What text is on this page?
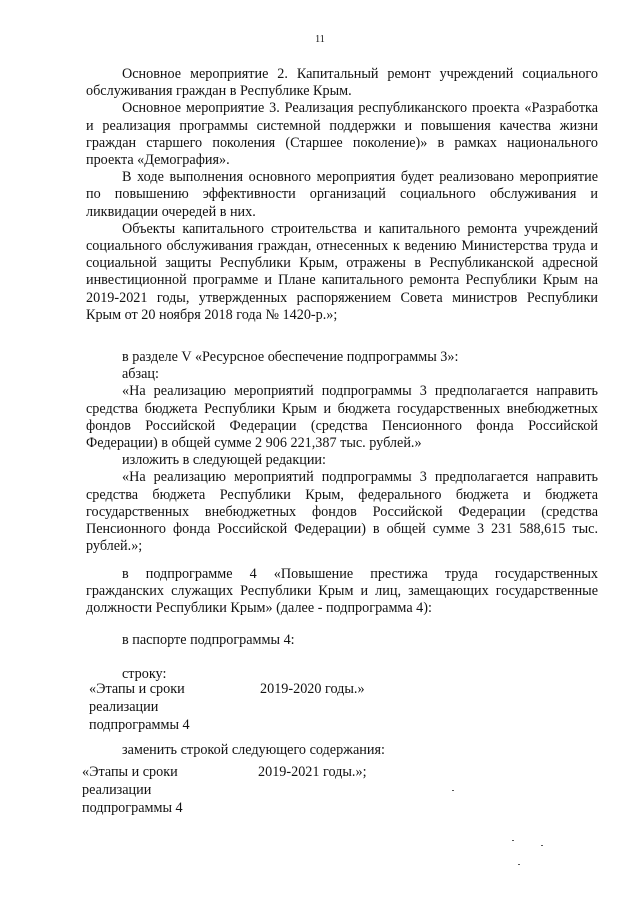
11

Основное мероприятие 2. Капитальный ремонт учреждений социального обслуживания граждан в Республике Крым.

Основное мероприятие 3. Реализация республиканского проекта «Разработка и реализация программы системной поддержки и повышения качества жизни граждан старшего поколения (Старшее поколение)» в рамках национального проекта «Демография».

В ходе выполнения основного мероприятия будет реализовано мероприятие по повышению эффективности организаций социального обслуживания и ликвидации очередей в них.

Объекты капитального строительства и капитального ремонта учреждений социального обслуживания граждан, отнесенных к ведению Министерства труда и социальной защиты Республики Крым, отражены в Республиканской адресной инвестиционной программе и Плане капитального ремонта Республики Крым на 2019-2021 годы, утвержденных распоряжением Совета министров Республики Крым от 20 ноября 2018 года № 1420-р.»;

в разделе V «Ресурсное обеспечение подпрограммы 3»:

абзац:

«На реализацию мероприятий подпрограммы 3 предполагается направить средства бюджета Республики Крым и бюджета государственных внебюджетных фондов Российской Федерации (средства Пенсионного фонда Российской Федерации) в общей сумме 2 906 221,387 тыс. рублей.»

изложить в следующей редакции:

«На реализацию мероприятий подпрограммы 3 предполагается направить средства бюджета Республики Крым, федерального бюджета и бюджета государственных внебюджетных фондов Российской Федерации (средства Пенсионного фонда Российской Федерации) в общей сумме 3 231 588,615 тыс. рублей.»;

в подпрограмме 4 «Повышение престижа труда государственных гражданских служащих Республики Крым и лиц, замещающих государственные должности Республики Крым» (далее - подпрограмма 4):

в паспорте подпрограммы 4:

строку:

«Этапы и сроки реализации подпрограммы 4
2019-2020 годы.»

заменить строкой следующего содержания:

«Этапы и сроки реализации подпрограммы 4
2019-2021 годы.»;
